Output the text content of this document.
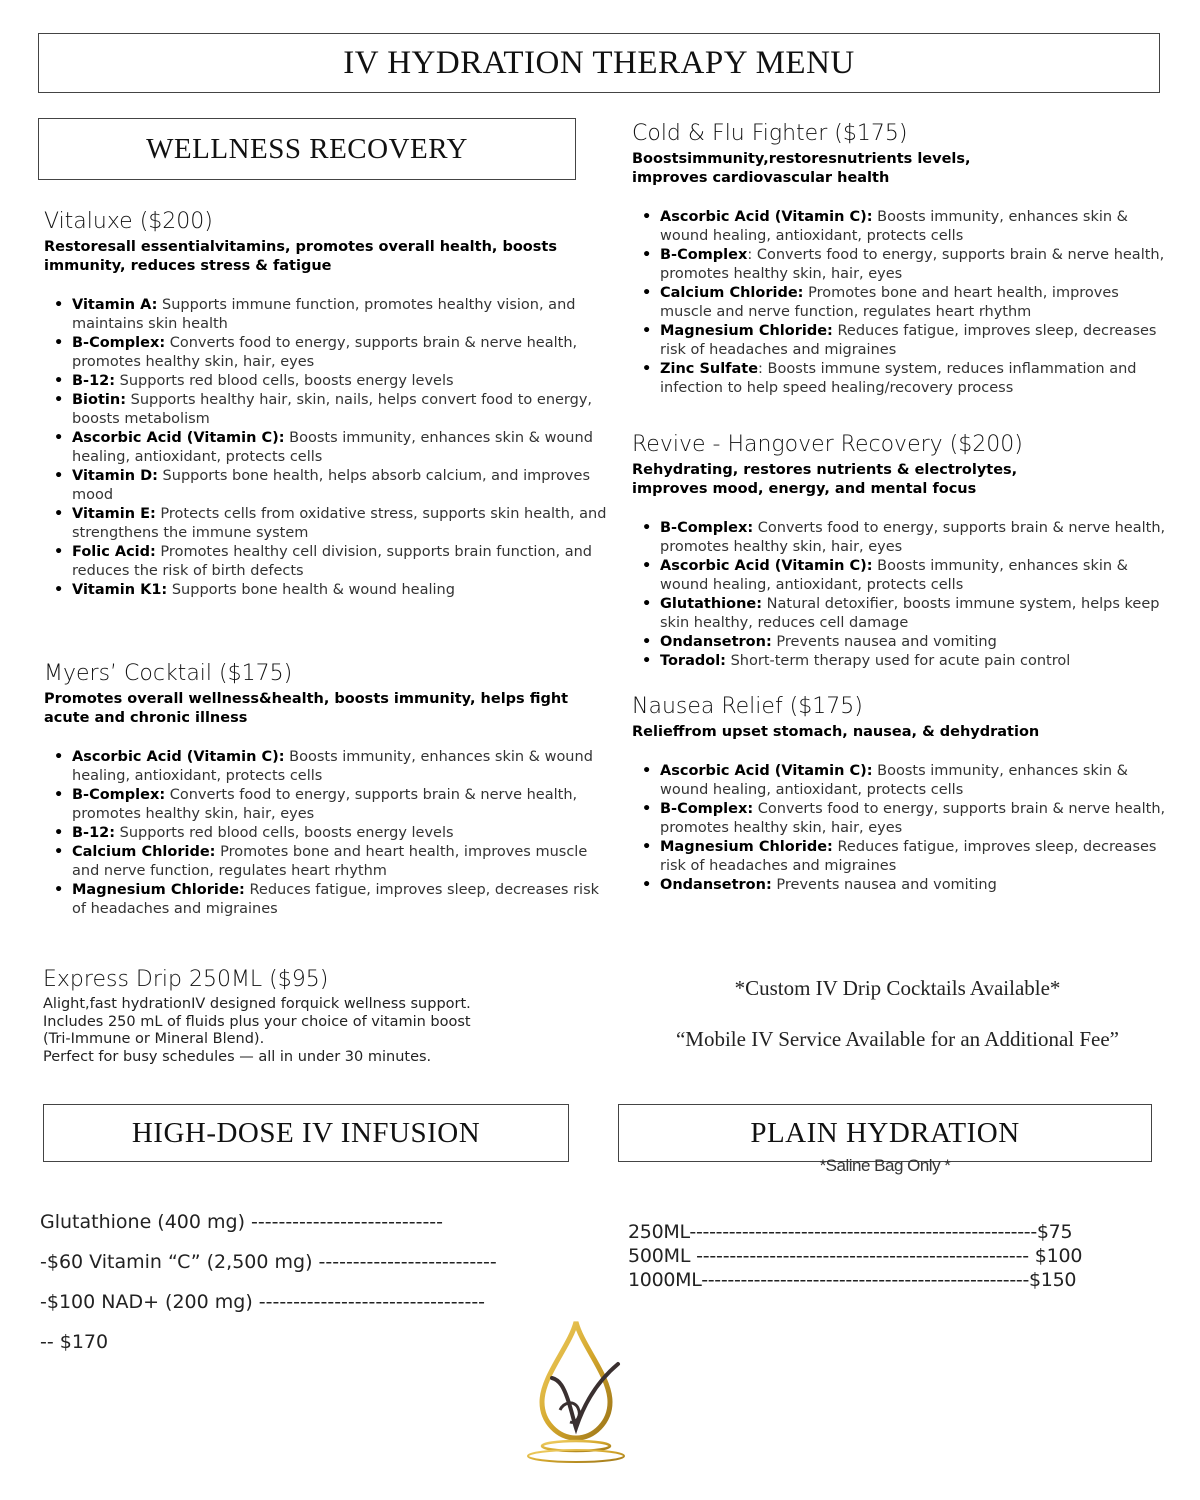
IV HYDRATION THERAPY MENU
WELLNESS RECOVERY
Vitaluxe ($200)

Restoresall essentialvitamins, promotes overall health, boosts immunity, reduces stress & fatigue

• Vitamin A: Supports immune function, promotes healthy vision, and maintains skin health
• B-Complex: Converts food to energy, supports brain & nerve health, promotes healthy skin, hair, eyes
• B-12: Supports red blood cells, boosts energy levels
• Biotin: Supports healthy hair, skin, nails, helps convert food to energy, boosts metabolism
• Ascorbic Acid (Vitamin C): Boosts immunity, enhances skin & wound healing, antioxidant, protects cells
• Vitamin D: Supports bone health, helps absorb calcium, and improves mood
• Vitamin E: Protects cells from oxidative stress, supports skin health, and strengthens the immune system
• Folic Acid: Promotes healthy cell division, supports brain function, and reduces the risk of birth defects
• Vitamin K1: Supports bone health & wound healing
Myers’ Cocktail ($175)

Promotes overall wellness&health, boosts immunity, helps fight acute and chronic illness

• Ascorbic Acid (Vitamin C): Boosts immunity, enhances skin & wound healing, antioxidant, protects cells
• B-Complex: Converts food to energy, supports brain & nerve health, promotes healthy skin, hair, eyes
• B-12: Supports red blood cells, boosts energy levels
• Calcium Chloride: Promotes bone and heart health, improves muscle and nerve function, regulates heart rhythm
• Magnesium Chloride: Reduces fatigue, improves sleep, decreases risk of headaches and migraines
Express Drip 250ML ($95)

Alight,fast hydrationIV designed forquick wellness support.

Includes 250 mL of fluids plus your choice of vitamin boost

(Tri-Immune or Mineral Blend).

Perfect for busy schedules — all in under 30 minutes.

Cold & Flu Fighter ($175)

Boostsimmunity,restoresnutrients levels,

improves cardiovascular health

• Ascorbic Acid (Vitamin C): Boosts immunity, enhances skin & wound healing, antioxidant, protects cells
• B-Complex: Converts food to energy, supports brain & nerve health, promotes healthy skin, hair, eyes
• Calcium Chloride: Promotes bone and heart health, improves muscle and nerve function, regulates heart rhythm
• Magnesium Chloride: Reduces fatigue, improves sleep, decreases risk of headaches and migraines
• Zinc Sulfate: Boosts immune system, reduces inflammation and infection to help speed healing/recovery process
Revive - Hangover Recovery ($200)

Rehydrating, restores nutrients & electrolytes,

improves mood, energy, and mental focus

• B-Complex: Converts food to energy, supports brain & nerve health, promotes healthy skin, hair, eyes
• Ascorbic Acid (Vitamin C): Boosts immunity, enhances skin & wound healing, antioxidant, protects cells
• Glutathione: Natural detoxifier, boosts immune system, helps keep skin healthy, reduces cell damage
• Ondansetron: Prevents nausea and vomiting
• Toradol: Short-term therapy used for acute pain control
Nausea Relief ($175)

Relieffrom upset stomach, nausea, & dehydration

• Ascorbic Acid (Vitamin C): Boosts immunity, enhances skin & wound healing, antioxidant, protects cells
• B-Complex: Converts food to energy, supports brain & nerve health, promotes healthy skin, hair, eyes
• Magnesium Chloride: Reduces fatigue, improves sleep, decreases risk of headaches and migraines
• Ondansetron: Prevents nausea and vomiting
*Custom IV Drip Cocktails Available*
“Mobile IV Service Available for an Additional Fee”
HIGH-DOSE IV INFUSION
Glutathione (400 mg) ----------------------------
-$60 Vitamin “C” (2,500 mg) --------------------------
-$100 NAD+ (200 mg) ---------------------------------
-- $170
PLAIN HYDRATION
*Saline Bag Only *
250ML-----------------------------------------------------$75
500ML -------------------------------------------------- $100
1000ML--------------------------------------------------$150
